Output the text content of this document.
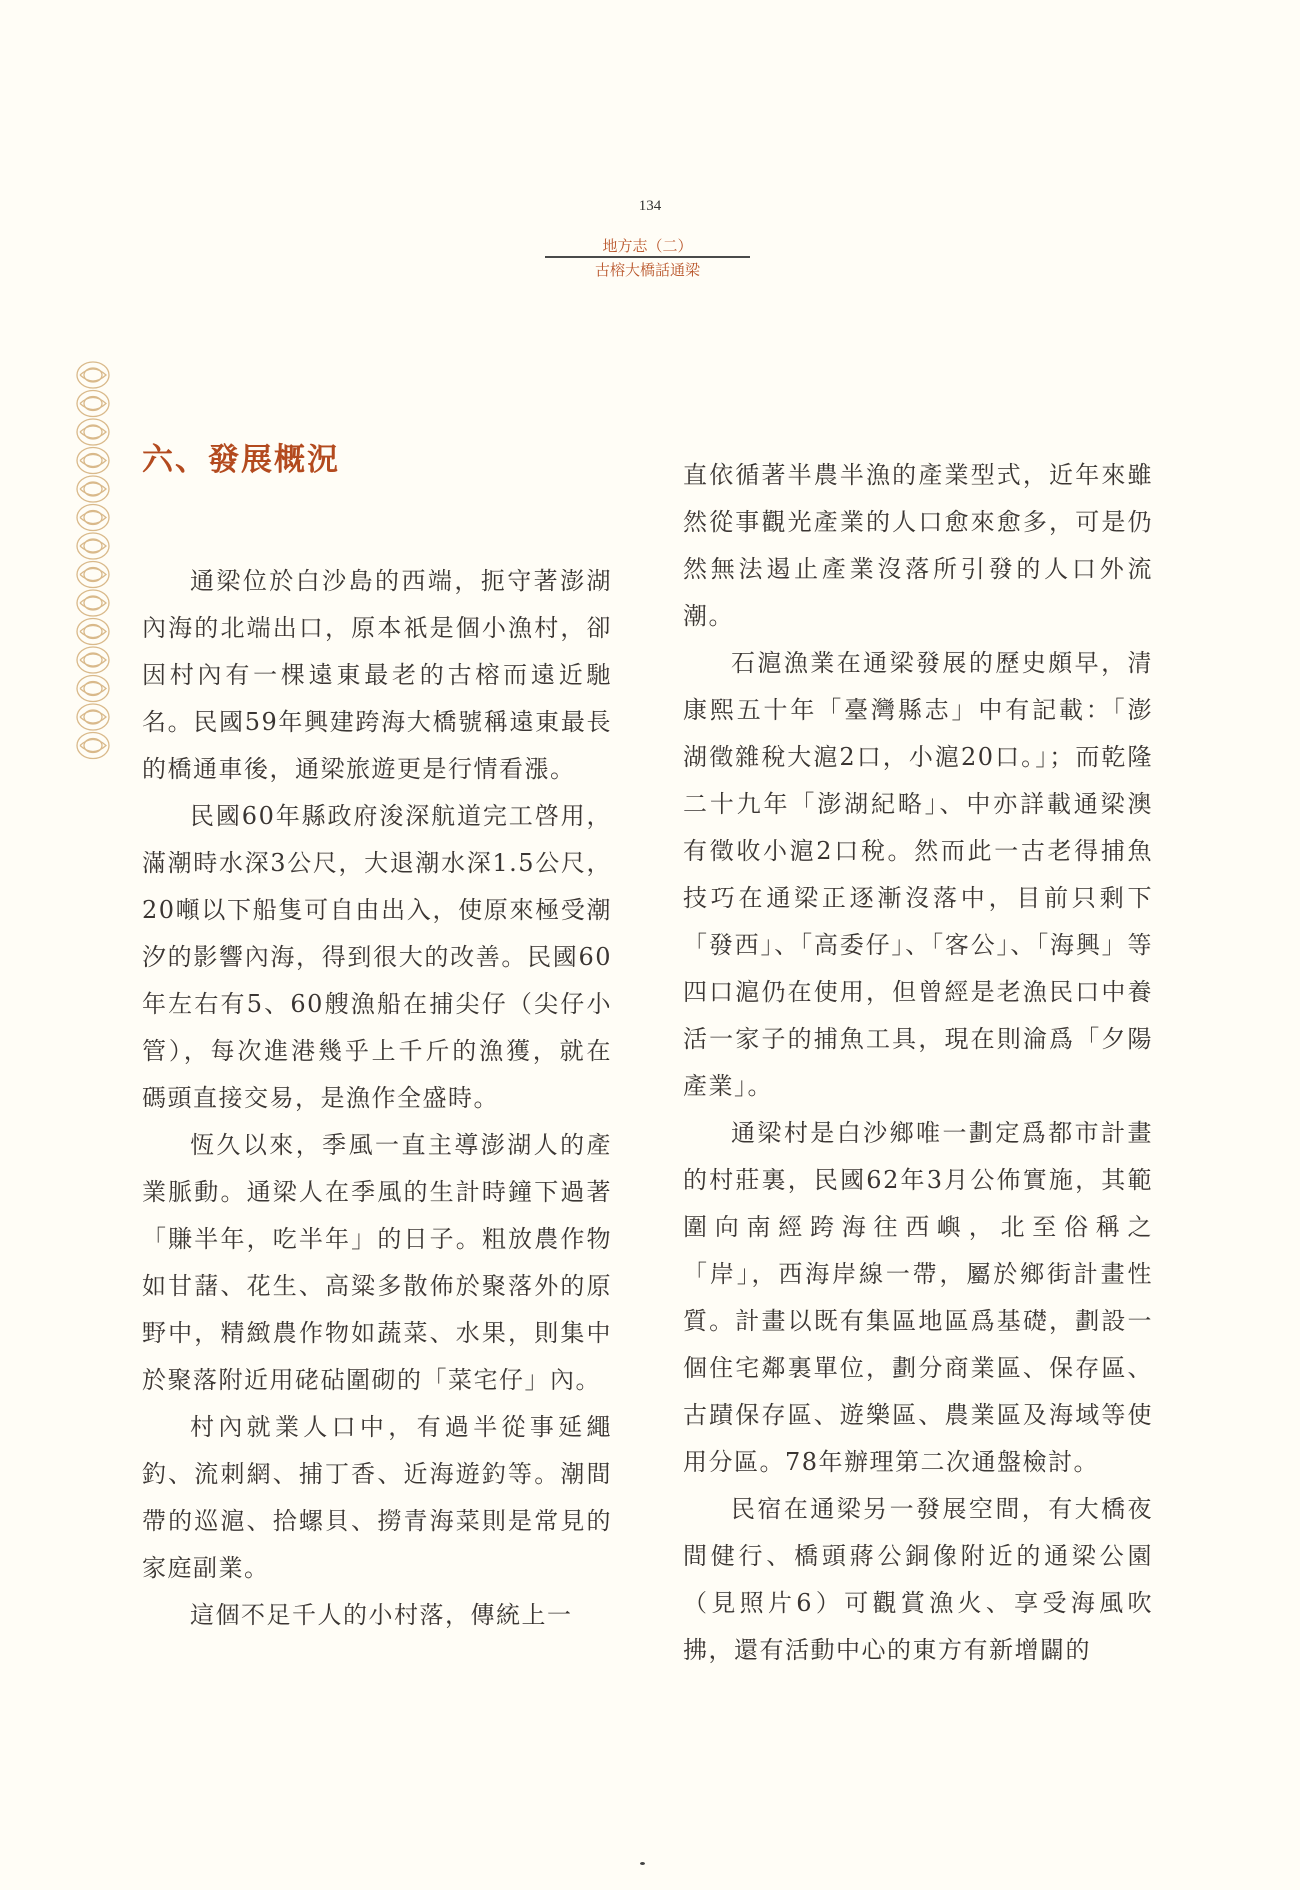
134
地方志（二）
古榕大橋話通梁
六、發展概況

通梁位於白沙島的西端，扼守著澎湖內海的北端出口，原本祇是個小漁村，卻因村內有一棵遠東最老的古榕而遠近馳名。民國59年興建跨海大橋號稱遠東最長的橋通車後，通梁旅遊更是行情看漲。

民國60年縣政府浚深航道完工啓用，滿潮時水深3公尺，大退潮水深1.5公尺，20噸以下船隻可自由出入，使原來極受潮汐的影響內海，得到很大的改善。民國60年左右有5、60艘漁船在捕尖仔（尖仔小管），每次進港幾乎上千斤的漁獲，就在碼頭直接交易，是漁作全盛時。

恆久以來，季風一直主導澎湖人的產業脈動。通梁人在季風的生計時鐘下過著「賺半年，吃半年」的日子。粗放農作物如甘藷、花生、高粱多散佈於聚落外的原野中，精緻農作物如蔬菜、水果，則集中於聚落附近用硓砧圍砌的「菜宅仔」內。

村內就業人口中，有過半從事延繩釣、流刺網、捕丁香、近海遊釣等。潮間帶的巡滬、拾螺貝、撈青海菜則是常見的家庭副業。

這個不足千人的小村落，傳統上一

直依循著半農半漁的產業型式，近年來雖然從事觀光產業的人口愈來愈多，可是仍然無法遏止產業沒落所引發的人口外流潮。

石滬漁業在通梁發展的歷史頗早，清康熙五十年「臺灣縣志」中有記載：「澎湖徵雜稅大滬2口，小滬20口。」；而乾隆二十九年「澎湖紀略」、中亦詳載通梁澳有徵收小滬2口稅。然而此一古老得捕魚技巧在通梁正逐漸沒落中，目前只剩下「發西」、「高委仔」、「客公」、「海興」等四口滬仍在使用，但曾經是老漁民口中養活一家子的捕魚工具，現在則淪爲「夕陽產業」。

通梁村是白沙鄉唯一劃定爲都市計畫的村莊裏，民國62年3月公佈實施，其範圍向南經跨海往西嶼，北至俗稱之「岸」，西海岸線一帶，屬於鄉街計畫性質。計畫以既有集區地區爲基礎，劃設一個住宅鄰裏單位，劃分商業區、保存區、古蹟保存區、遊樂區、農業區及海域等使用分區。78年辦理第二次通盤檢討。

民宿在通梁另一發展空間，有大橋夜間健行、橋頭蔣公銅像附近的通梁公園（見照片6）可觀賞漁火、享受海風吹拂，還有活動中心的東方有新增闢的
